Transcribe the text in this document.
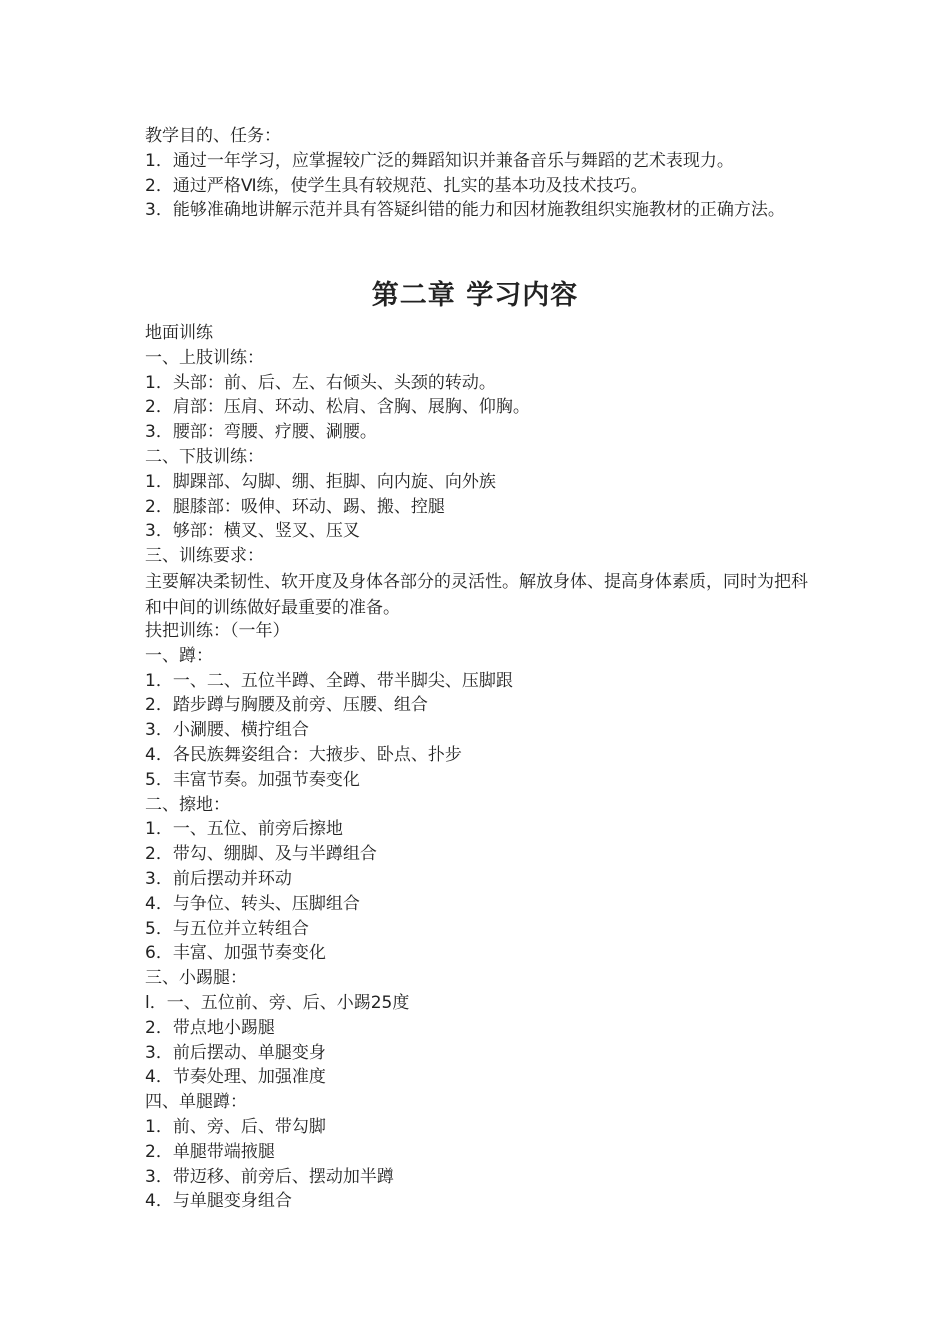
教学目的、任务：
1．通过一年学习，应掌握较广泛的舞蹈知识并兼备音乐与舞蹈的艺术表现力。
2．通过严格Ⅵ练，使学生具有较规范、扎实的基本功及技术技巧。
3．能够准确地讲解示范并具有答疑纠错的能力和因材施教组织实施教材的正确方法。
第二章 学习内容
地面训练
一、上肢训练：
1．头部：前、后、左、右倾头、头颈的转动。
2．肩部：压肩、环动、松肩、含胸、展胸、仰胸。
3．腰部：弯腰、疗腰、涮腰。
二、下肢训练：
1．脚踝部、勾脚、绷、拒脚、向内旋、向外族
2．腿膝部：吸伸、环动、踢、搬、控腿
3．够部：横叉、竖叉、压叉
三、训练要求：
主要解决柔韧性、软开度及身体各部分的灵活性。解放身体、提高身体素质，同时为把科和中间的训练做好最重要的准备。
扶把训练：（一年）
一、蹲：
1．一、二、五位半蹲、全蹲、带半脚尖、压脚跟
2．踏步蹲与胸腰及前旁、压腰、组合
3．小涮腰、横拧组合
4．各民族舞姿组合：大掖步、卧点、扑步
5．丰富节奏。加强节奏变化
二、擦地：
1．一、五位、前旁后擦地
2．带勾、绷脚、及与半蹲组合
3．前后摆动并环动
4．与争位、转头、压脚组合
5．与五位并立转组合
6．丰富、加强节奏变化
三、小踢腿：
l．一、五位前、旁、后、小踢25度
2．带点地小踢腿
3．前后摆动、单腿变身
4．节奏处理、加强准度
四、单腿蹲：
1．前、旁、后、带勾脚
2．单腿带端掖腿
3．带迈移、前旁后、摆动加半蹲
4．与单腿变身组合
